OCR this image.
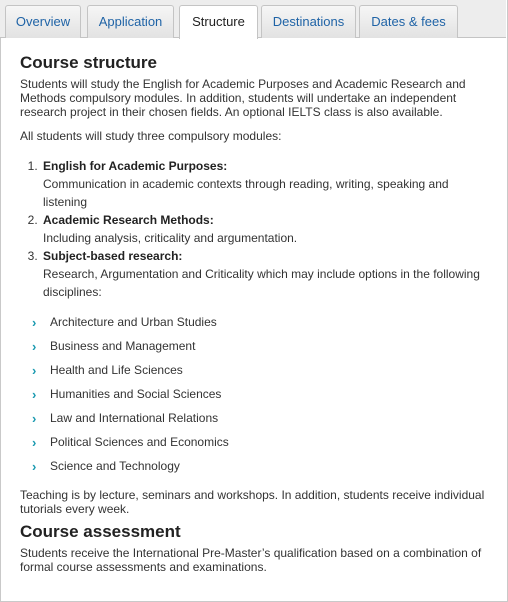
Overview	Application	Structure	Destinations	Dates & fees
Course structure

Students will study the English for Academic Purposes and Academic Research and Methods compulsory modules. In addition, students will undertake an independent research project in their chosen fields. An optional IELTS class is also available.

All students will study three compulsory modules:

1. English for Academic Purposes:
Communication in academic contexts through reading, writing, speaking and listening
2. Academic Research Methods:
Including analysis, criticality and argumentation.
3. Subject-based research:
Research, Argumentation and Criticality which may include options in the following disciplines:
› Architecture and Urban Studies
› Business and Management
› Health and Life Sciences
› Humanities and Social Sciences
› Law and International Relations
› Political Sciences and Economics
› Science and Technology

Teaching is by lecture, seminars and workshops. In addition, students receive individual tutorials every week.

Course assessment

Students receive the International Pre-Master’s qualification based on a combination of formal course assessments and examinations.
